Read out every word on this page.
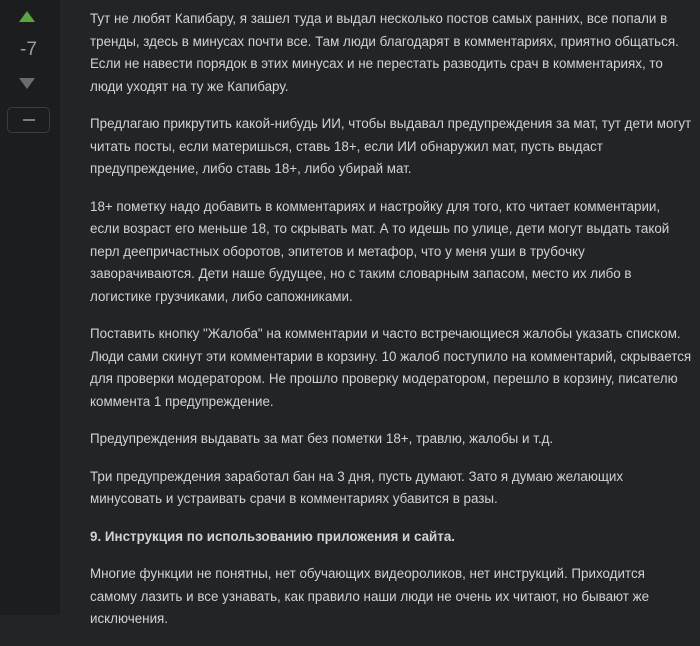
-7

Тут не любят Капибару, я зашел туда и выдал несколько постов самых ранних, все попали в тренды, здесь в минусах почти все. Там люди благодарят в комментариях, приятно общаться. Если не навести порядок в этих минусах и не перестать разводить срач в комментариях, то люди уходят на ту же Капибару.

Предлагаю прикрутить какой-нибудь ИИ, чтобы выдавал предупреждения за мат, тут дети могут читать посты, если материшься, ставь 18+, если ИИ обнаружил мат, пусть выдаст предупреждение, либо ставь 18+, либо убирай мат.

18+ пометку надо добавить в комментариях и настройку для того, кто читает комментарии, если возраст его меньше 18, то скрывать мат. А то идешь по улице, дети могут выдать такой перл деепричастных оборотов, эпитетов и метафор, что у меня уши в трубочку заворачиваются. Дети наше будущее, но с таким словарным запасом, место их либо в логистике грузчиками, либо сапожниками.

Поставить кнопку "Жалоба" на комментарии и часто встречающиеся жалобы указать списком. Люди сами скинут эти комментарии в корзину. 10 жалоб поступило на комментарий, скрывается для проверки модератором. Не прошло проверку модератором, перешло в корзину, писателю коммента 1 предупреждение.

Предупреждения выдавать за мат без пометки 18+, травлю, жалобы и т.д.

Три предупреждения заработал бан на 3 дня, пусть думают. Зато я думаю желающих минусовать и устраивать срачи в комментариях убавится в разы.

9. Инструкция по использованию приложения и сайта.

Многие функции не понятны, нет обучающих видеороликов, нет инструкций. Приходится самому лазить и все узнавать, как правило наши люди не очень их читают, но бывают же исключения.
